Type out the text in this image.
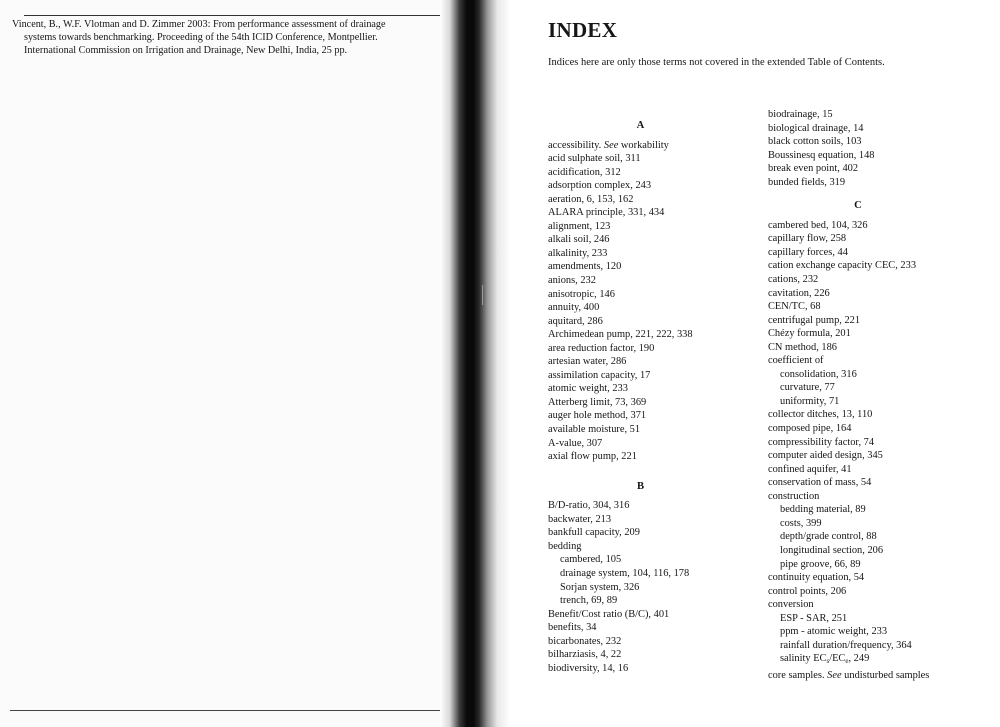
Vincent, B., W.F. Vlotman and D. Zimmer 2003: From performance assessment of drainage
systems towards benchmarking. Proceeding of the 54th ICID Conference, Montpellier.
International Commission on Irrigation and Drainage, New Delhi, India, 25 pp.
INDEX
Indices here are only those terms not covered in the extended Table of Contents.
A
accessibility. See workability
acid sulphate soil, 311
acidification, 312
adsorption complex, 243
aeration, 6, 153, 162
ALARA principle, 331, 434
alignment, 123
alkali soil, 246
alkalinity, 233
amendments, 120
anions, 232
anisotropic, 146
annuity, 400
aquitard, 286
Archimedean pump, 221, 222, 338
area reduction factor, 190
artesian water, 286
assimilation capacity, 17
atomic weight, 233
Atterberg limit, 73, 369
auger hole method, 371
available moisture, 51
A-value, 307
axial flow pump, 221
B
B/D-ratio, 304, 316
backwater, 213
bankfull capacity, 209
bedding
cambered, 105
drainage system, 104, 116, 178
Sorjan system, 326
trench, 69, 89
Benefit/Cost ratio (B/C), 401
benefits, 34
bicarbonates, 232
bilharziasis, 4, 22
biodiversity, 14, 16
biodrainage, 15
biological drainage, 14
black cotton soils, 103
Boussinesq equation, 148
break even point, 402
bunded fields, 319
C
cambered bed, 104, 326
capillary flow, 258
capillary forces, 44
cation exchange capacity CEC, 233
cations, 232
cavitation, 226
CEN/TC, 68
centrifugal pump, 221
Chézy formula, 201
CN method, 186
coefficient of
consolidation, 316
curvature, 77
uniformity, 71
collector ditches, 13, 110
composed pipe, 164
compressibility factor, 74
computer aided design, 345
confined aquifer, 41
conservation of mass, 54
construction
bedding material, 89
costs, 399
depth/grade control, 88
longitudinal section, 206
pipe groove, 66, 89
continuity equation, 54
control points, 206
conversion
ESP - SAR, 251
ppm - atomic weight, 233
rainfall duration/frequency, 364
salinity ECs/ECe, 249
core samples. See undisturbed samples
